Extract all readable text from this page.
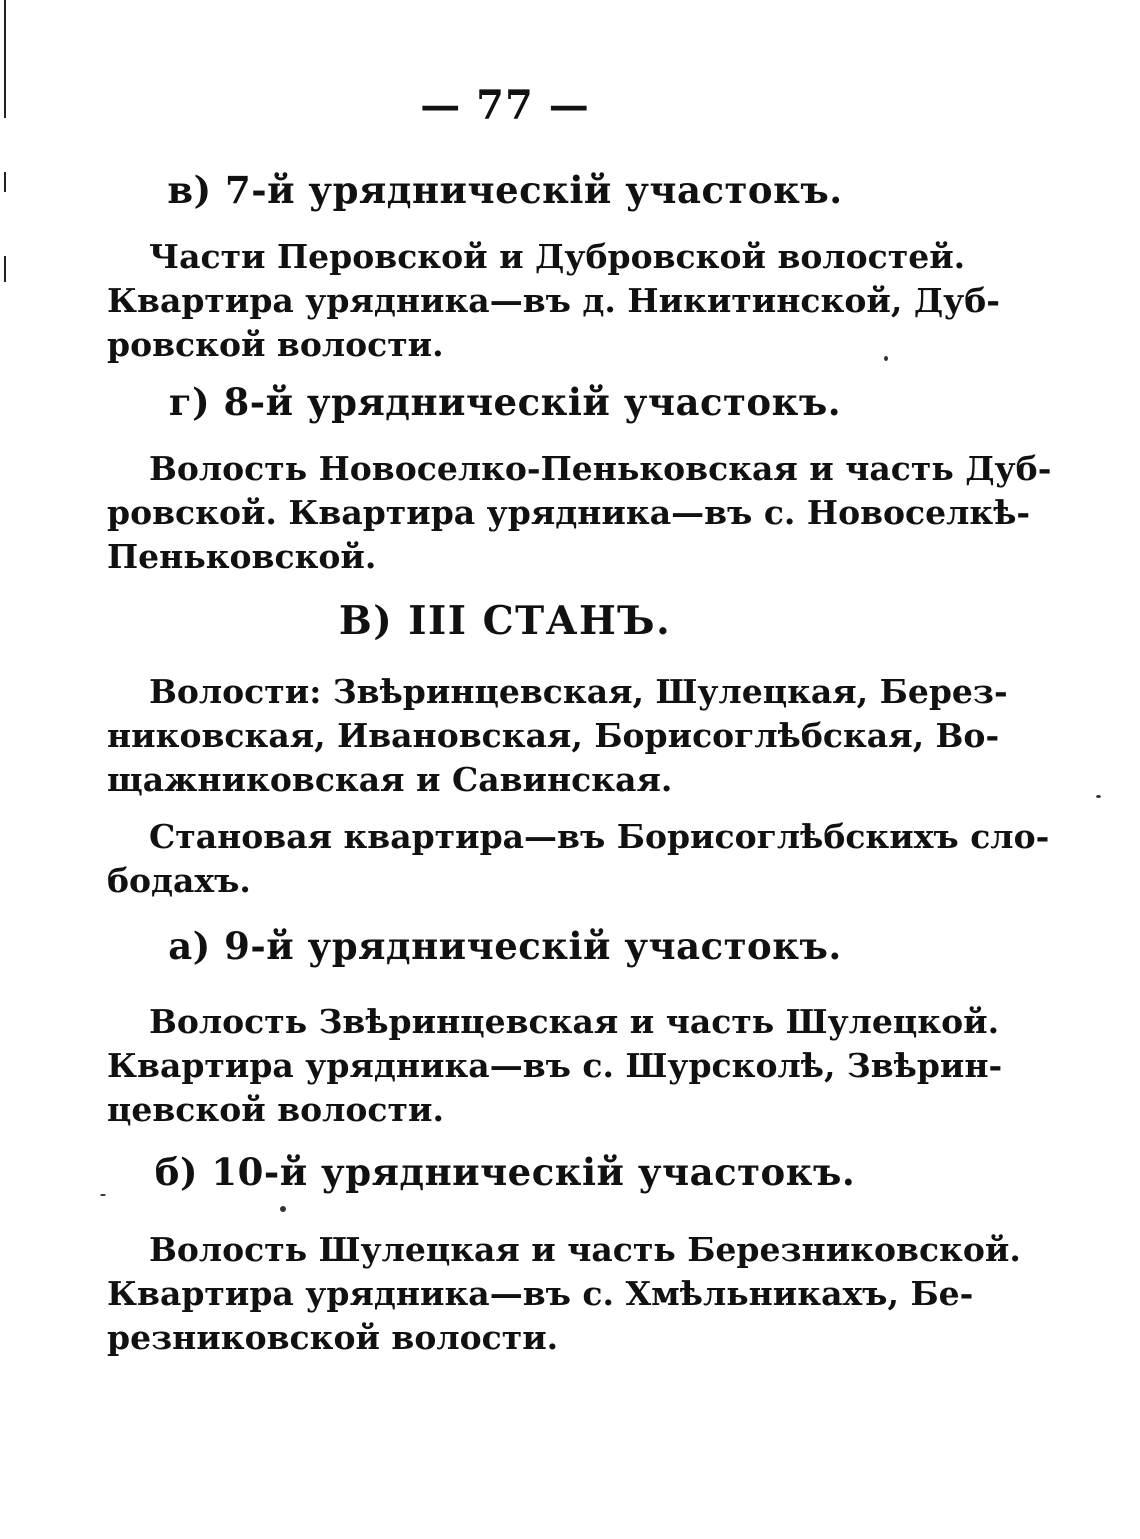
— 77 —
в) 7-й урядническій участокъ.
Части Перовской и Дубровской волостей.
Квартира урядника—въ д. Никитинской, Дуб-
ровской волости.
г) 8-й урядническій участокъ.
Волость Новоселко-Пеньковская и часть Дуб-
ровской. Квартира урядника—въ с. Новоселкѣ-
Пеньковской.
В) III СТАНЪ.
Волости: Звѣринцевская, Шулецкая, Берез-
никовская, Ивановская, Борисоглѣбская, Во-
щажниковская и Савинская.
Становая квартира—въ Борисоглѣбскихъ сло-
бодахъ.
а) 9-й урядническій участокъ.
Волость Звѣринцевская и часть Шулецкой.
Квартира урядника—въ с. Шурсколѣ, Звѣрин-
цевской волости.
б) 10-й урядническій участокъ.
Волость Шулецкая и часть Березниковской.
Квартира урядника—въ с. Хмѣльникахъ, Бе-
резниковской волости.
